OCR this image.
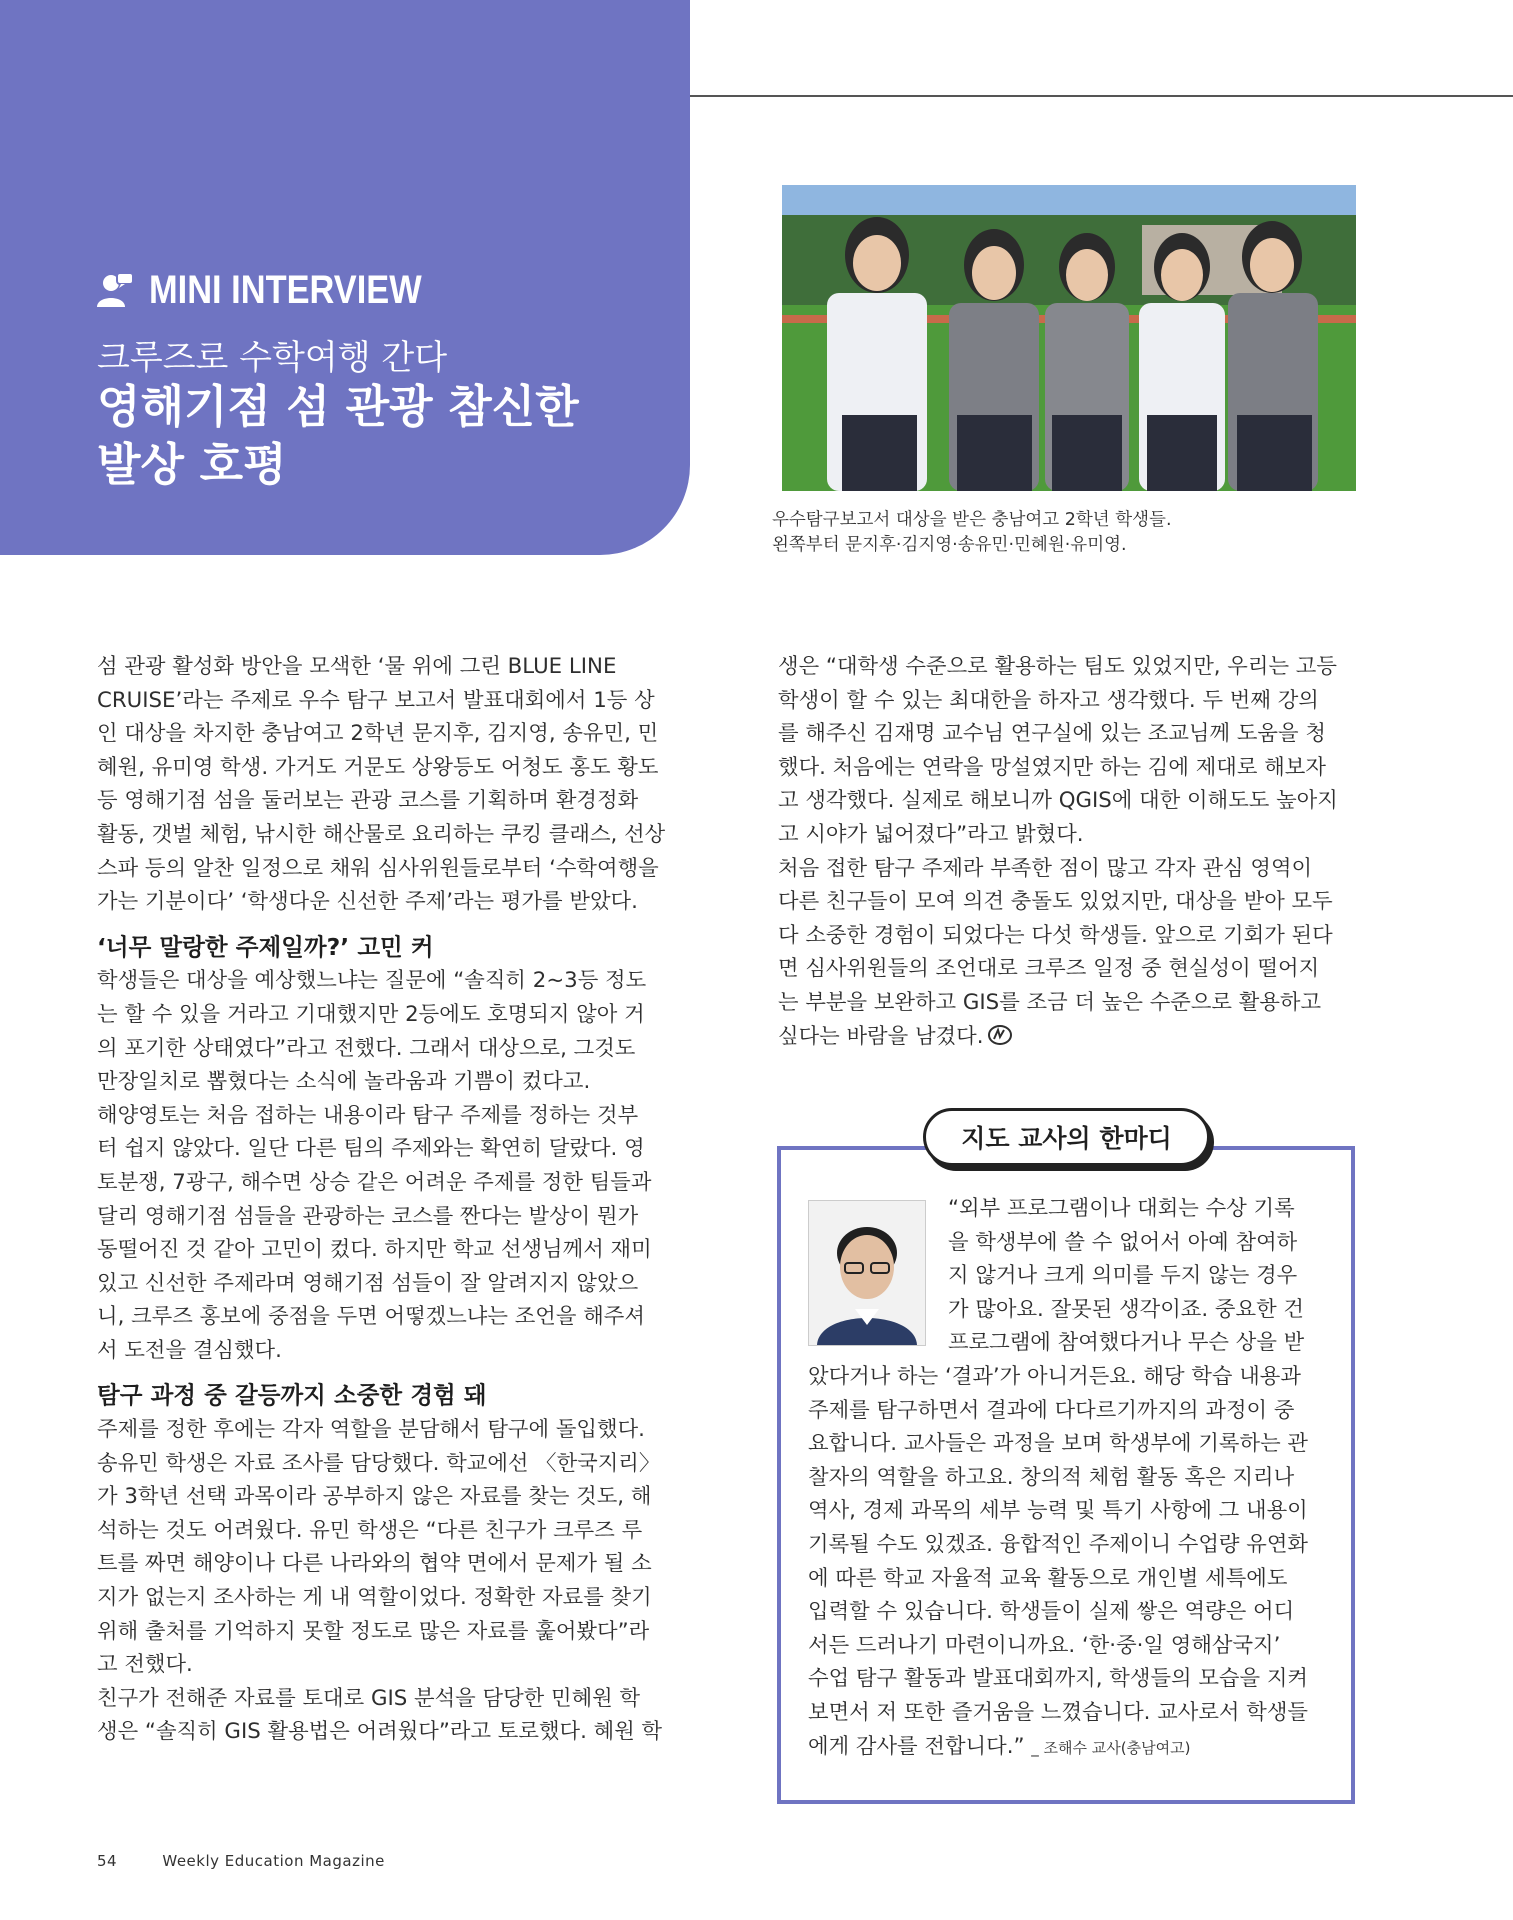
MINI INTERVIEW
크루즈로 수학여행 간다
영해기점 섬 관광 참신한
발상 호평
우수탐구보고서 대상을 받은 충남여고 2학년 학생들.
왼쪽부터 문지후·김지영·송유민·민혜원·유미영.

섬 관광 활성화 방안을 모색한 ‘물 위에 그린 BLUE LINE

CRUISE’라는 주제로 우수 탐구 보고서 발표대회에서 1등 상

인 대상을 차지한 충남여고 2학년 문지후, 김지영, 송유민, 민

혜원, 유미영 학생. 가거도 거문도 상왕등도 어청도 홍도 황도

등 영해기점 섬을 둘러보는 관광 코스를 기획하며 환경정화

활동, 갯벌 체험, 낚시한 해산물로 요리하는 쿠킹 클래스, 선상

스파 등의 알찬 일정으로 채워 심사위원들로부터 ‘수학여행을

가는 기분이다’ ‘학생다운 신선한 주제’라는 평가를 받았다.

‘너무 말랑한 주제일까?’ 고민 커

학생들은 대상을 예상했느냐는 질문에 “솔직히 2~3등 정도

는 할 수 있을 거라고 기대했지만 2등에도 호명되지 않아 거

의 포기한 상태였다”라고 전했다. 그래서 대상으로, 그것도

만장일치로 뽑혔다는 소식에 놀라움과 기쁨이 컸다고.

해양영토는 처음 접하는 내용이라 탐구 주제를 정하는 것부

터 쉽지 않았다. 일단 다른 팀의 주제와는 확연히 달랐다. 영

토분쟁, 7광구, 해수면 상승 같은 어려운 주제를 정한 팀들과

달리 영해기점 섬들을 관광하는 코스를 짠다는 발상이 뭔가

동떨어진 것 같아 고민이 컸다. 하지만 학교 선생님께서 재미

있고 신선한 주제라며 영해기점 섬들이 잘 알려지지 않았으

니, 크루즈 홍보에 중점을 두면 어떻겠느냐는 조언을 해주셔

서 도전을 결심했다.

탐구 과정 중 갈등까지 소중한 경험 돼

주제를 정한 후에는 각자 역할을 분담해서 탐구에 돌입했다.

송유민 학생은 자료 조사를 담당했다. 학교에선 〈한국지리〉

가 3학년 선택 과목이라 공부하지 않은 자료를 찾는 것도, 해

석하는 것도 어려웠다. 유민 학생은 “다른 친구가 크루즈 루

트를 짜면 해양이나 다른 나라와의 협약 면에서 문제가 될 소

지가 없는지 조사하는 게 내 역할이었다. 정확한 자료를 찾기

위해 출처를 기억하지 못할 정도로 많은 자료를 훑어봤다”라

고 전했다.

친구가 전해준 자료를 토대로 GIS 분석을 담당한 민혜원 학

생은 “솔직히 GIS 활용법은 어려웠다”라고 토로했다. 혜원 학

생은 “대학생 수준으로 활용하는 팀도 있었지만, 우리는 고등

학생이 할 수 있는 최대한을 하자고 생각했다. 두 번째 강의

를 해주신 김재명 교수님 연구실에 있는 조교님께 도움을 청

했다. 처음에는 연락을 망설였지만 하는 김에 제대로 해보자

고 생각했다. 실제로 해보니까 QGIS에 대한 이해도도 높아지

고 시야가 넓어졌다”라고 밝혔다.

처음 접한 탐구 주제라 부족한 점이 많고 각자 관심 영역이

다른 친구들이 모여 의견 충돌도 있었지만, 대상을 받아 모두

다 소중한 경험이 되었다는 다섯 학생들. 앞으로 기회가 된다

면 심사위원들의 조언대로 크루즈 일정 중 현실성이 떨어지

는 부분을 보완하고 GIS를 조금 더 높은 수준으로 활용하고

싶다는 바람을 남겼다.

지도 교사의 한마디

“외부 프로그램이나 대회는 수상 기록

을 학생부에 쓸 수 없어서 아예 참여하

지 않거나 크게 의미를 두지 않는 경우

가 많아요. 잘못된 생각이죠. 중요한 건

프로그램에 참여했다거나 무슨 상을 받

았다거나 하는 ‘결과’가 아니거든요. 해당 학습 내용과

주제를 탐구하면서 결과에 다다르기까지의 과정이 중

요합니다. 교사들은 과정을 보며 학생부에 기록하는 관

찰자의 역할을 하고요. 창의적 체험 활동 혹은 지리나

역사, 경제 과목의 세부 능력 및 특기 사항에 그 내용이

기록될 수도 있겠죠. 융합적인 주제이니 수업량 유연화

에 따른 학교 자율적 교육 활동으로 개인별 세특에도

입력할 수 있습니다. 학생들이 실제 쌓은 역량은 어디

서든 드러나기 마련이니까요. ‘한·중·일 영해삼국지’

수업 탐구 활동과 발표대회까지, 학생들의 모습을 지켜

보면서 저 또한 즐거움을 느꼈습니다. 교사로서 학생들

에게 감사를 전합니다.” _ 조해수 교사(충남여고)

54	Weekly Education Magazine
